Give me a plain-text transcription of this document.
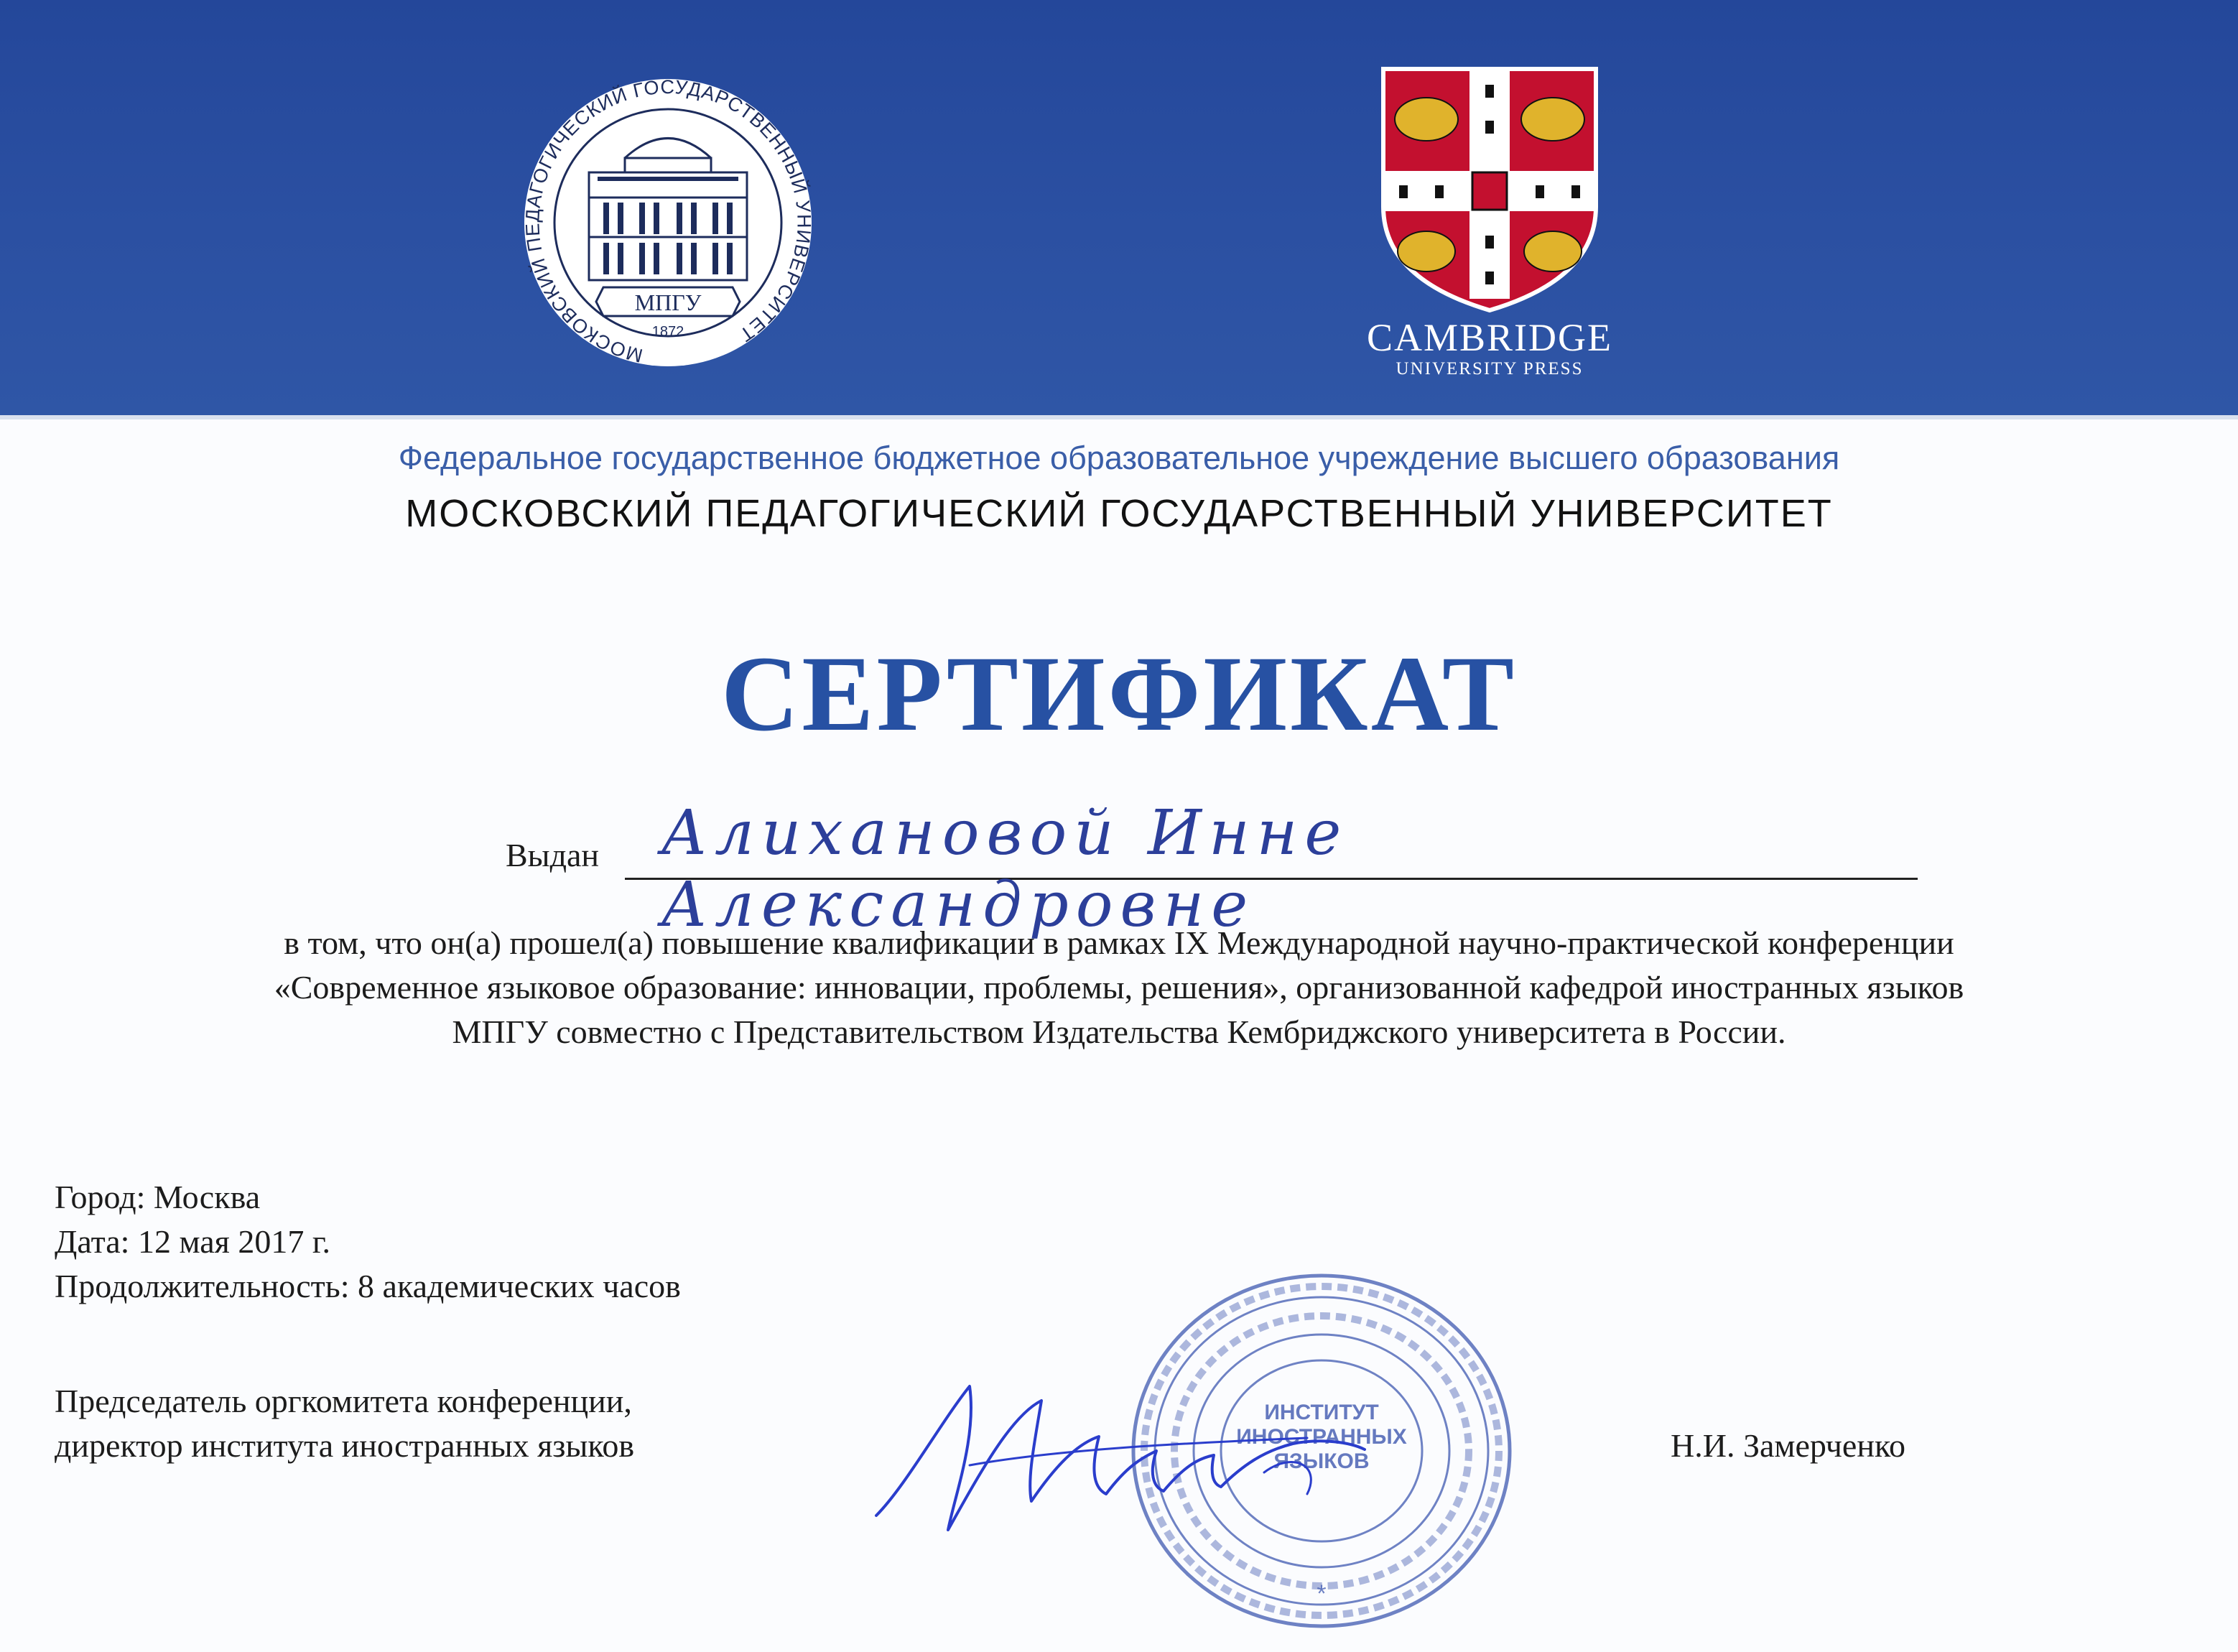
МОСКОВСКИЙ ПЕДАГОГИЧЕСКИЙ ГОСУДАРСТВЕННЫЙ УНИВЕРСИТЕТ
МПГУ
1872	CAMBRIDGE
UNIVERSITY PRESS
Федеральное государственное бюджетное образовательное учреждение высшего образования
МОСКОВСКИЙ ПЕДАГОГИЧЕСКИЙ ГОСУДАРСТВЕННЫЙ УНИВЕРСИТЕТ
СЕРТИФИКАТ
Выдан Алихановой Инне Александровне
в том, что он(а) прошел(а) повышение квалификации в рамках IX Международной научно-практической конференции
«Современное языковое образование: инновации, проблемы, решения», организованной кафедрой иностранных языков
МПГУ совместно с Представительством Издательства Кембриджского университета в России.
Город: Москва
Дата: 12 мая 2017 г.
Продолжительность: 8 академических часов
Председатель оргкомитета конференции,
директор института иностранных языков	Н.И. Замерченко
*
ИНСТИТУТ
ИНОСТРАННЫХ
ЯЗЫКОВ
